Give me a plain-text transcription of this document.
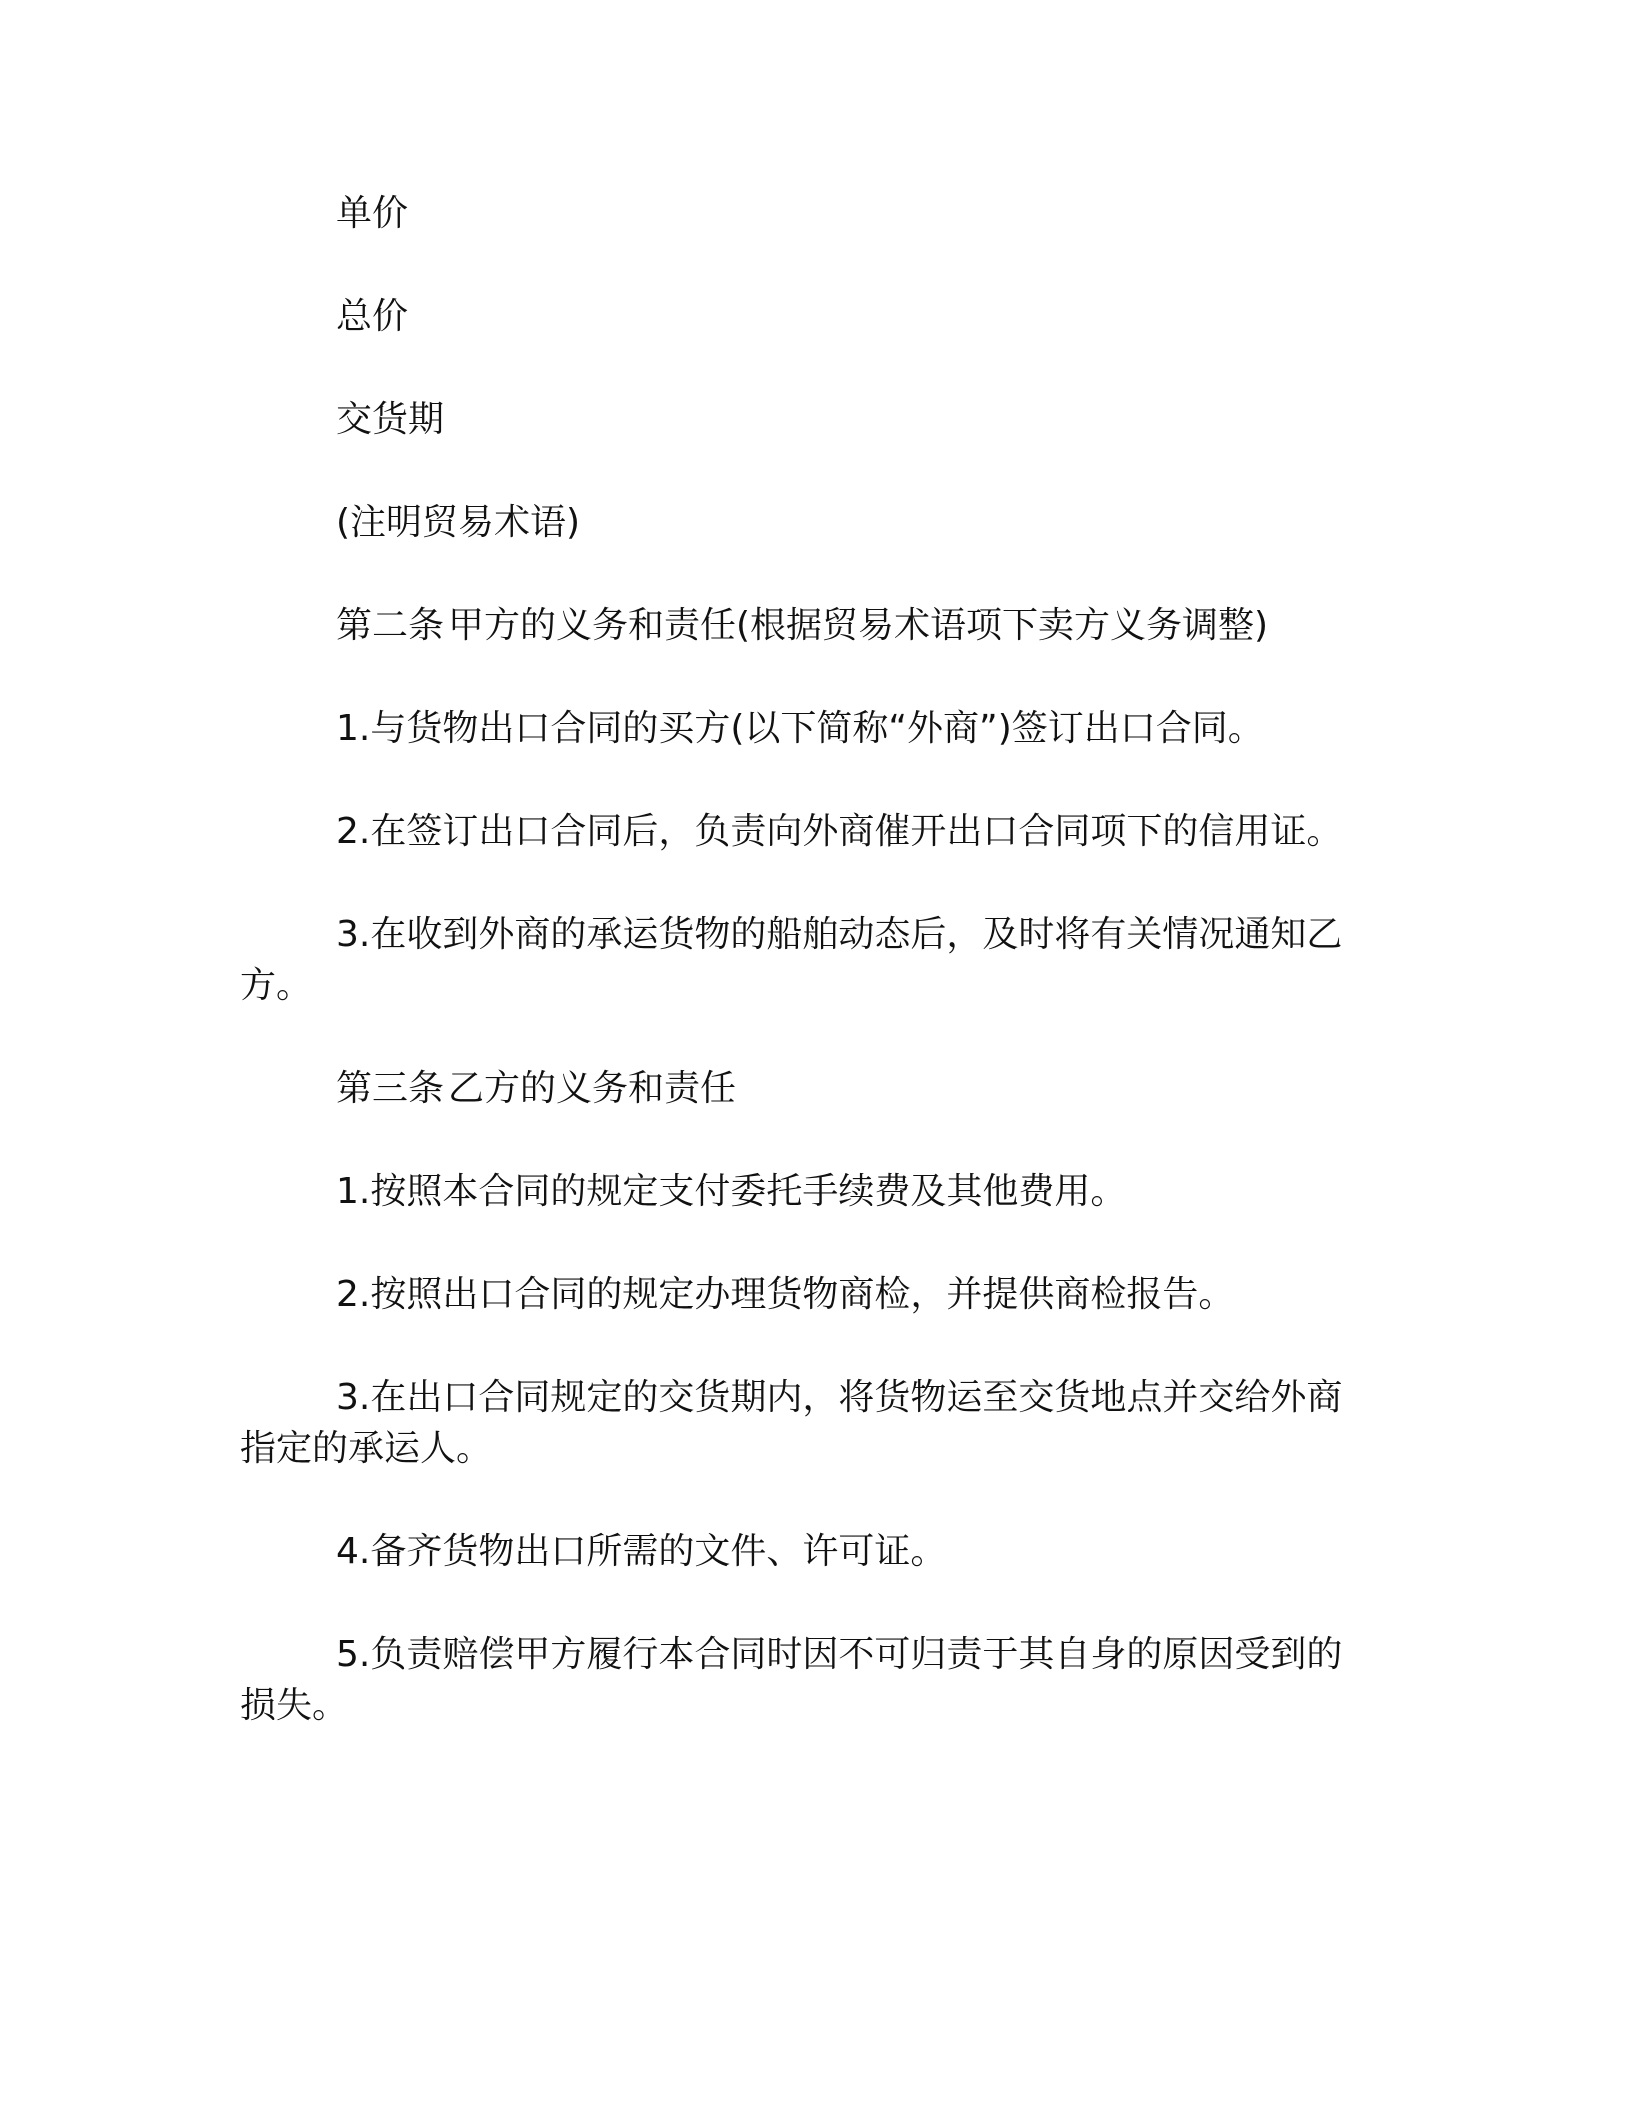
单价
总价
交货期
(注明贸易术语)
第二条 甲方的义务和责任(根据贸易术语项下卖方义务调整)
1.与货物出口合同的买方(以下简称“外商”)签订出口合同。
2.在签订出口合同后，负责向外商催开出口合同项下的信用证。
3.在收到外商的承运货物的船舶动态后，及时将有关情况通知乙
方。
第三条 乙方的义务和责任
1.按照本合同的规定支付委托手续费及其他费用。
2.按照出口合同的规定办理货物商检，并提供商检报告。
3.在出口合同规定的交货期内，将货物运至交货地点并交给外商
指定的承运人。
4.备齐货物出口所需的文件、许可证。
5.负责赔偿甲方履行本合同时因不可归责于其自身的原因受到的
损失。
